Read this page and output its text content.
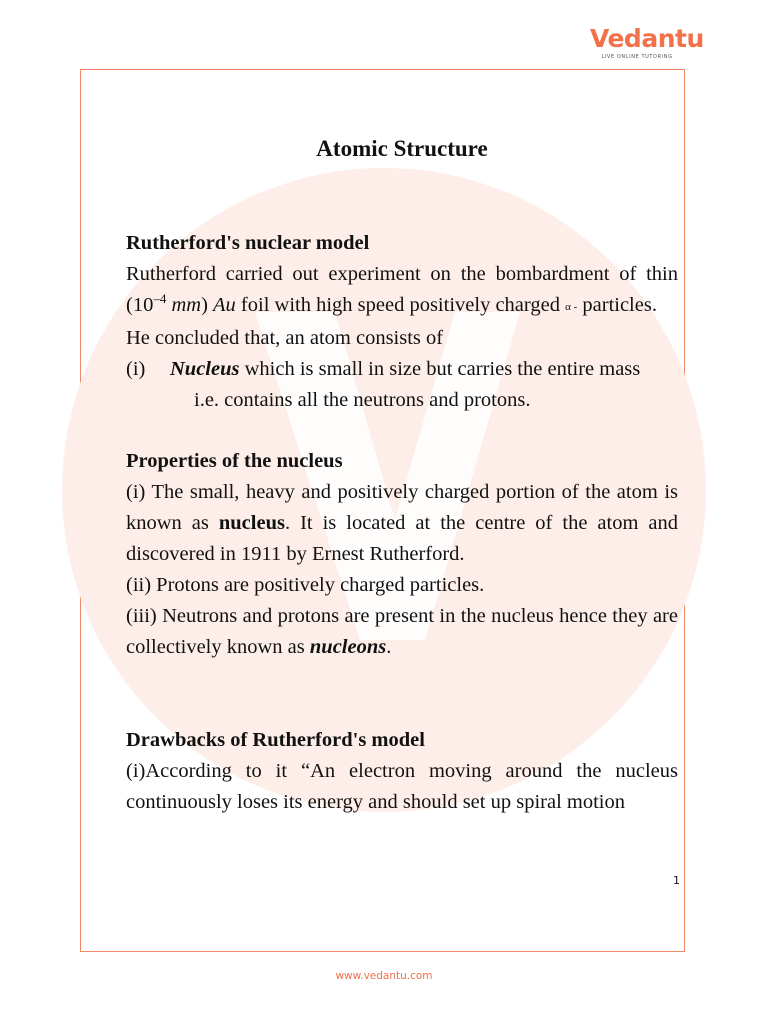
Vedantu
LIVE ONLINE TUTORING
Atomic Structure

Rutherford's nuclear model

Rutherford carried out experiment on the bombardment of thin ($10^{-4}$ mm) Au foil with high speed positively charged α - particles.

He concluded that, an atom consists of

(i)	Nucleus which is small in size but carries the entire mass

i.e. contains all the neutrons and protons.

Properties of the nucleus

(i) The small, heavy and positively charged portion of the atom is known as nucleus. It is located at the centre of the atom and discovered in 1911 by Ernest Rutherford.

(ii) Protons are positively charged particles.

(iii) Neutrons and protons are present in the nucleus hence they are collectively known as nucleons.

Drawbacks of Rutherford's model

(i)According to it “An electron moving around the nucleus continuously loses its energy and should set up spiral motion

1
www.vedantu.com
